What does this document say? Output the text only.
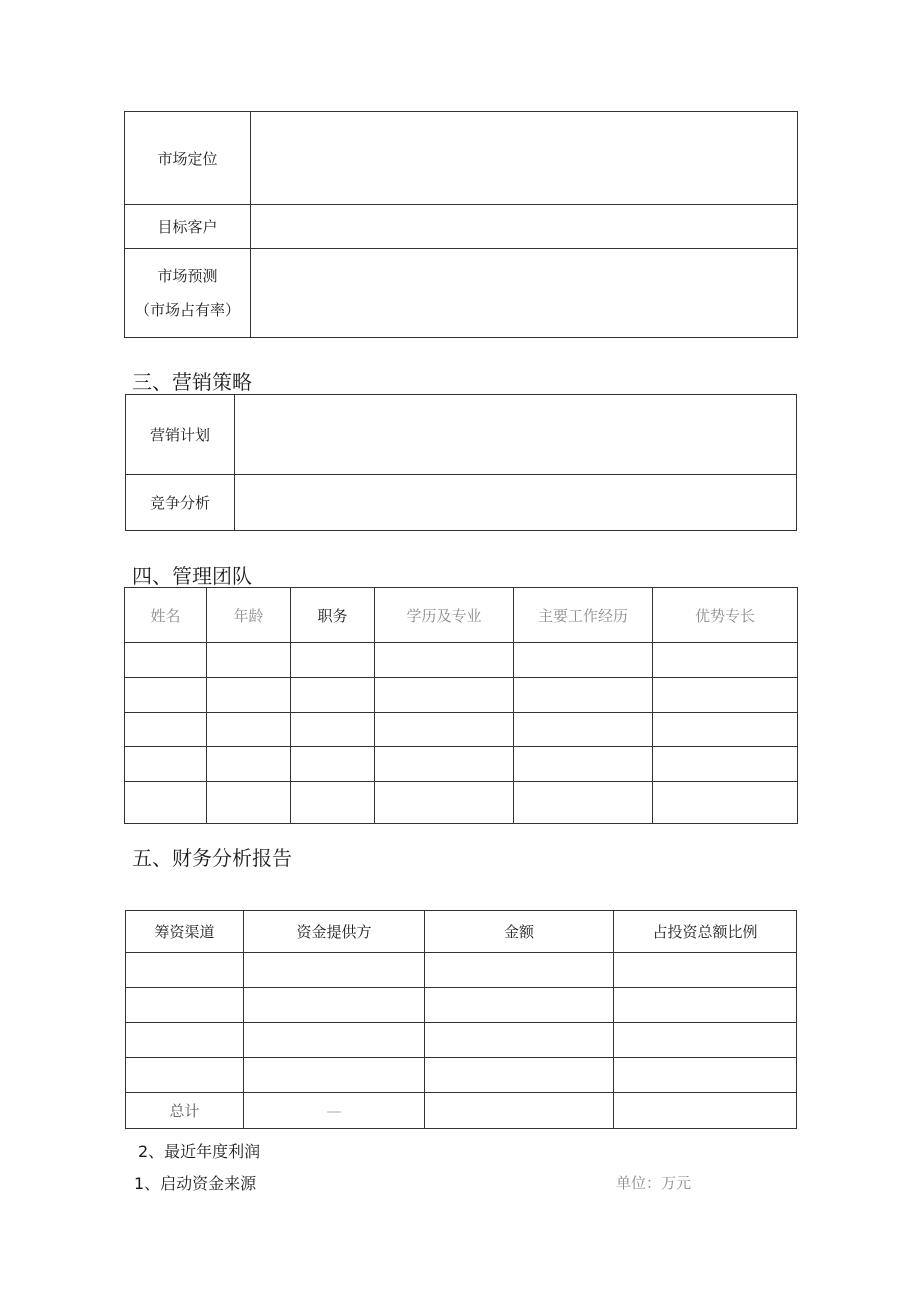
市场定位	
目标客户	

市场预测
（市场占有率）	

三、营销策略
营销计划	
竞争分析	
四、管理团队
姓名	年龄	职务	学历及专业	主要工作经历	优势专长

五、财务分析报告
筹资渠道	资金提供方	金额	占投资总额比例

总计	—		
2、最近年度利润
1、启动资金来源	单位：万元
